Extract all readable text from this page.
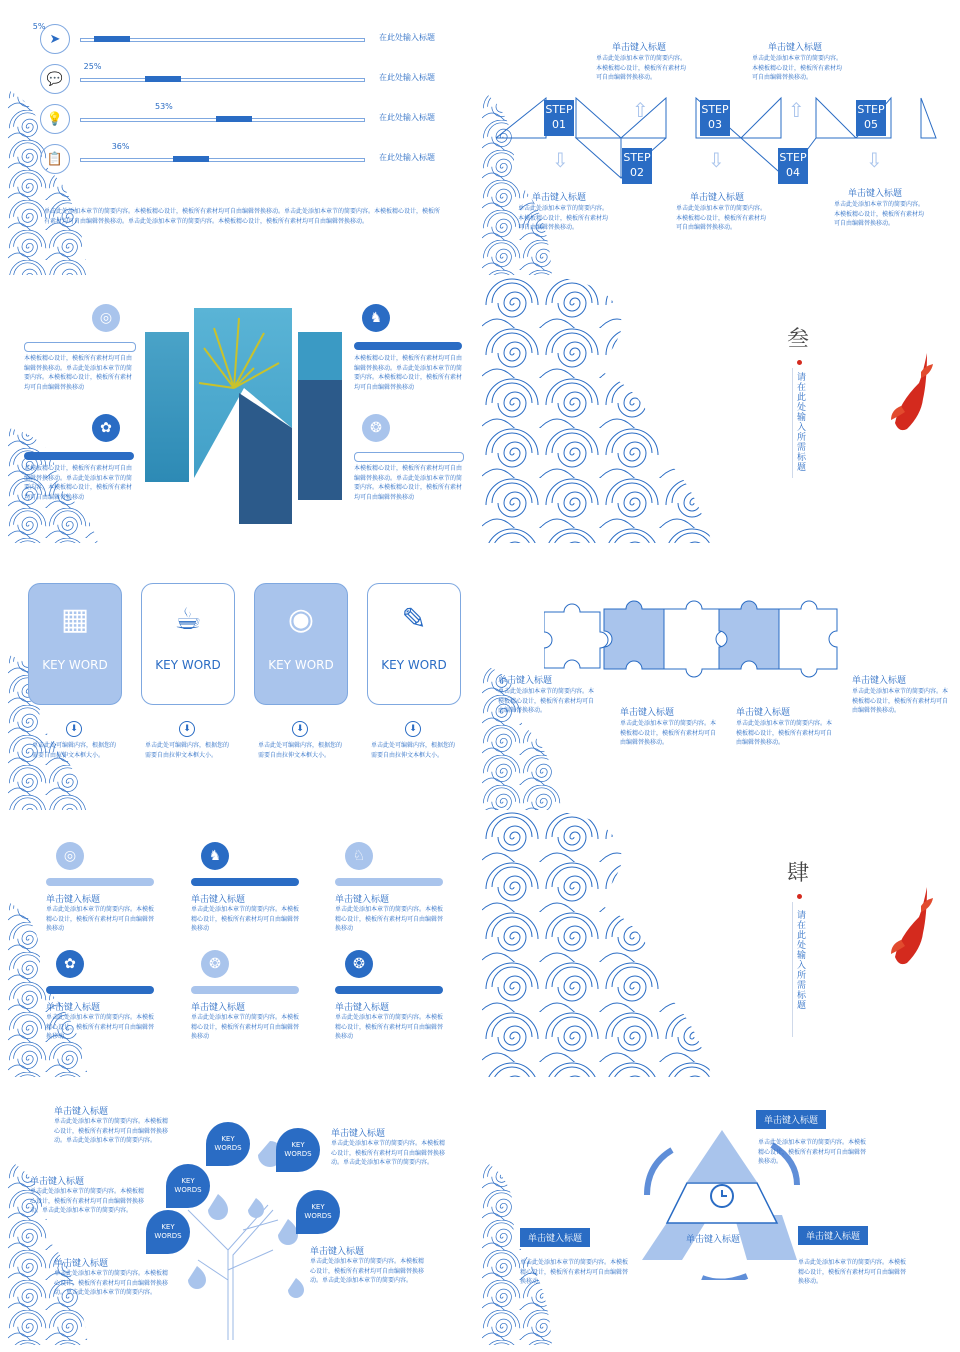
➤
5%
在此处输入标题
💬
25%
在此处输入标题
💡
53%
在此处输入标题
📋
36%
在此处输入标题
单击此处添加本章节的简要内容。本模板精心设计，模板所有素材均可自由编辑替换移动。单击此处添加本章节的简要内容。本模板精心设计，模板所有素材均可自由编辑替换移动。单击此处添加本章节的简要内容。本模板精心设计，模板所有素材均可自由编辑替换移动。
STEP
01
STEP
02
STEP
03
STEP
04
STEP
05
单击键入标题
单击此处添加本章节的简要内容。本模板精心设计，模板所有素材均可自由编辑替换移动。
单击键入标题
单击此处添加本章节的简要内容。本模板精心设计，模板所有素材均可自由编辑替换移动。
单击键入标题
单击此处添加本章节的简要内容。本模板精心设计，模板所有素材均可自由编辑替换移动。
单击键入标题
单击此处添加本章节的简要内容。本模板精心设计，模板所有素材均可自由编辑替换移动。
单击键入标题
单击此处添加本章节的简要内容。本模板精心设计，模板所有素材均可自由编辑替换移动。
⇧	⇧
⇩	⇩	⇩
◎
本模板精心设计，模板所有素材均可自由编辑替换移动。单击此处添加本章节的简要内容。本模板精心设计，模板所有素材均可自由编辑替换移动
✿
本模板精心设计，模板所有素材均可自由编辑替换移动。单击此处添加本章节的简要内容。本模板精心设计，模板所有素材均可自由编辑替换移动
♞
本模板精心设计，模板所有素材均可自由编辑替换移动。单击此处添加本章节的简要内容。本模板精心设计，模板所有素材均可自由编辑替换移动
❂
本模板精心设计，模板所有素材均可自由编辑替换移动。单击此处添加本章节的简要内容。本模板精心设计，模板所有素材均可自由编辑替换移动
叁
请在此处输入所需标题
▦
KEY WORD
⬇
单击此处可编辑内容，根据您的需要自由拉伸文本框大小。
☕
KEY WORD
⬇
单击此处可编辑内容，根据您的需要自由拉伸文本框大小。
◉
KEY WORD
⬇
单击此处可编辑内容，根据您的需要自由拉伸文本框大小。
✎
KEY WORD
⬇
单击此处可编辑内容，根据您的需要自由拉伸文本框大小。
单击键入标题
单击此处添加本章节的简要内容。本模板精心设计，模板所有素材均可自由编辑替换移动。	单击键入标题
单击此处添加本章节的简要内容。本模板精心设计，模板所有素材均可自由编辑替换移动。
单击键入标题
单击此处添加本章节的简要内容。本模板精心设计，模板所有素材均可自由编辑替换移动。
单击键入标题
单击此处添加本章节的简要内容。本模板精心设计，模板所有素材均可自由编辑替换移动。
◎
单击键入标题
单击此处添加本章节的简要内容。本模板精心设计，模板所有素材均可自由编辑替换移动
♞
单击键入标题
单击此处添加本章节的简要内容。本模板精心设计，模板所有素材均可自由编辑替换移动
♘
单击键入标题
单击此处添加本章节的简要内容。本模板精心设计，模板所有素材均可自由编辑替换移动
✿
单击键入标题
单击此处添加本章节的简要内容。本模板精心设计，模板所有素材均可自由编辑替换移动
❂
单击键入标题
单击此处添加本章节的简要内容。本模板精心设计，模板所有素材均可自由编辑替换移动
❂
单击键入标题
单击此处添加本章节的简要内容。本模板精心设计，模板所有素材均可自由编辑替换移动
肆
请在此处输入所需标题
KEY
WORDS	KEY
WORDS
KEY
WORDS
KEY
WORDS
KEY
WORDS
单击键入标题
单击此处添加本章节的简要内容。本模板精心设计，模板所有素材均可自由编辑替换移动。单击此处添加本章节的简要内容。
单击键入标题
单击此处添加本章节的简要内容。本模板精心设计，模板所有素材均可自由编辑替换移动。单击此处添加本章节的简要内容。
单击键入标题
单击此处添加本章节的简要内容。本模板精心设计，模板所有素材均可自由编辑替换移动。单击此处添加本章节的简要内容。
单击键入标题
单击此处添加本章节的简要内容。本模板精心设计，模板所有素材均可自由编辑替换移动。单击此处添加本章节的简要内容。
单击键入标题
单击此处添加本章节的简要内容。本模板精心设计，模板所有素材均可自由编辑替换移动。单击此处添加本章节的简要内容。
单击键入标题
单击键入标题
单击此处添加本章节的简要内容。本模板精心设计，模板所有素材均可自由编辑替换移动。
单击键入标题
单击此处添加本章节的简要内容。本模板精心设计，模板所有素材均可自由编辑替换移动。
单击键入标题
单击此处添加本章节的简要内容。本模板精心设计，模板所有素材均可自由编辑替换移动。
